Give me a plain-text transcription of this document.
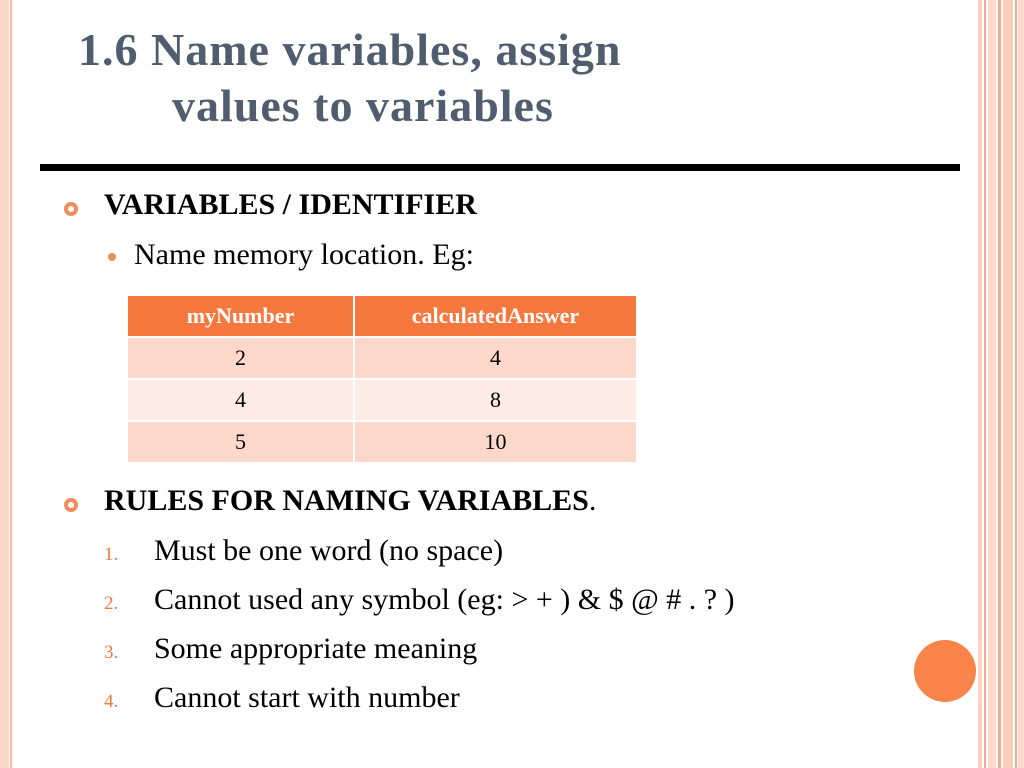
1.6 Name variables, assign
values to variables
VARIABLES / IDENTIFIER
Name memory location. Eg:
myNumber	calculatedAnswer
2	4
4	8
5	10
RULES FOR NAMING VARIABLES.
1. Must be one word (no space)
2. Cannot used any symbol (eg: > + ) & $ @ # . ? )
3. Some appropriate meaning
4. Cannot start with number
